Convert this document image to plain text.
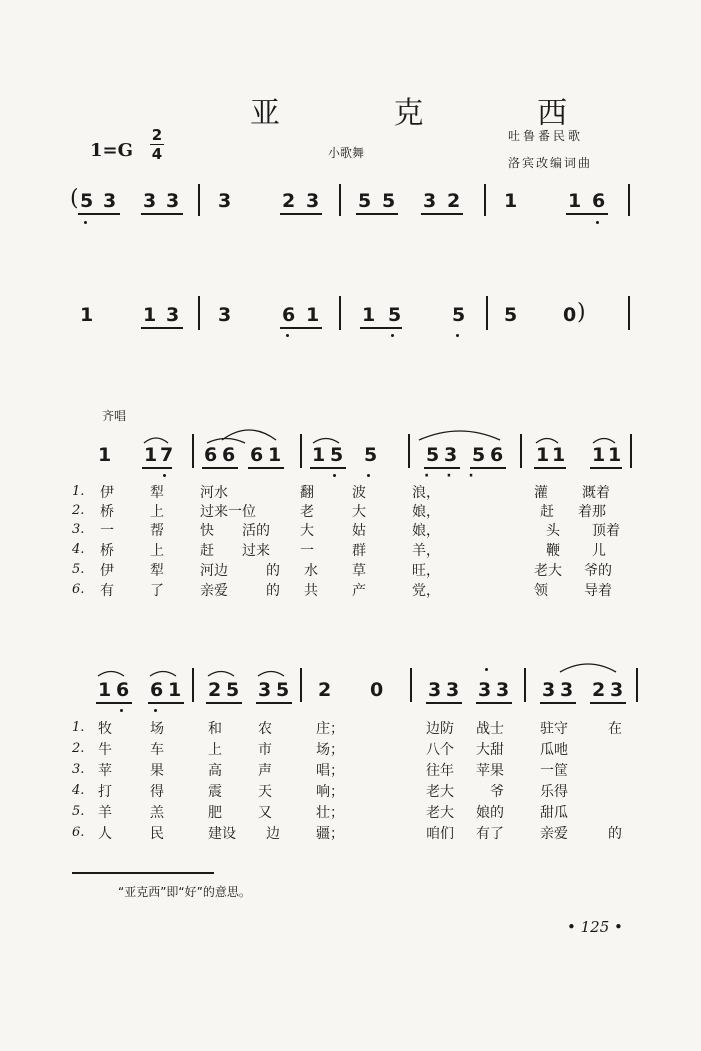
亚 克 西
1=G
2
4	小歌舞
吐鲁番民歌
洛宾改编词曲
( 5 3 3 3 3	2 3 5 5 3 2 1	1 6
1	1 3 3	6 1 1 5	5 5 0 )
齐唱
1 1 7 6 6 6 1 1 5 5	5 3 5 6
· · ·
1 1 1 1
1. 伊	犁	河水	翻	波	浪，	灌 溉着
2. 桥	上	过来一位	老	大	娘，	赶 着那
3. 一	帮	快 活的 大	姑	娘，	头 顶着
4. 桥	上	赶 过来 一	群	羊，	鞭 儿
5. 伊	犁	河边	的 水 草	旺，	老大 爷的
6. 有	了	亲爱	的 共 产	党，	领	导着
1 6 6 1 2 5 3 5 2 0 3 3 3 3 3 3 2 3
1. 牧	场	和	农	庄；	边防 战士	驻守	在
2. 牛	车	上	市	场；	八个 大甜	瓜吔
3. 苹	果	高	声	唱；	往年 苹果	一筐
4. 打	得	震	天	响；	老大	爷	乐得
5. 羊	羔	肥	又	壮；	老大 娘的	甜瓜
6. 人	民	建设 边	疆；	咱们 有了	亲爱	的
“亚克西”即“好”的意思。
• 125 •
